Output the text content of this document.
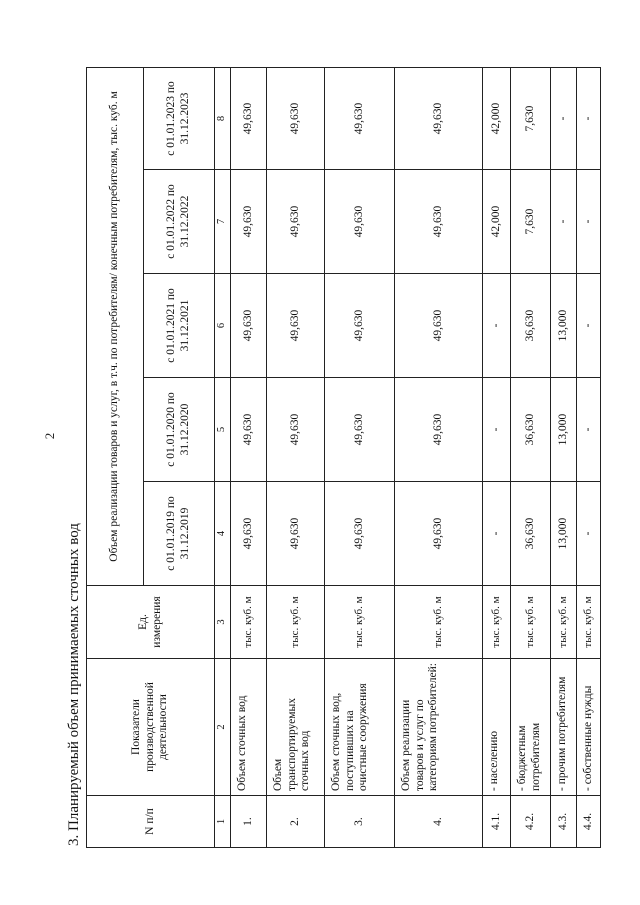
2
3. Планируемый объем принимаемых сточных вод	N п/п	Показатели производственной деятельности	Ед. измерения	Объем реализации товаров и услуг, в т.ч. по потребителям/ конечным потребителям, тыс. куб. м				
			с 01.01.2019 по 31.12.2019	с 01.01.2020 по 31.12.2020	с 01.01.2021 по 31.12.2021	с 01.01.2022 по 31.12.2022	с 01.01.2023 по 31.12.2023
1	2	3	4	5	6	7	8
1.	Объем сточных вод	тыс. куб. м	49,630	49,630	49,630	49,630	49,630
2.	Объем транспортируемых сточных вод	тыс. куб. м	49,630	49,630	49,630	49,630	49,630
3.	Объем сточных вод, поступивших на очистные сооружения	тыс. куб. м	49,630	49,630	49,630	49,630	49,630
4.	Объем реализации товаров и услуг по категориям потребителей:	тыс. куб. м	49,630	49,630	49,630	49,630	49,630
4.1.	- населению	тыс. куб. м	-	-	-	42,000	42,000
4.2.	- бюджетным потребителям	тыс. куб. м	36,630	36,630	36,630	7,630	7,630
4.3.	- прочим потребителям	тыс. куб. м	13,000	13,000	13,000	-	-
4.4.	- собственные нужды	тыс. куб. м	-	-	-	-	-
